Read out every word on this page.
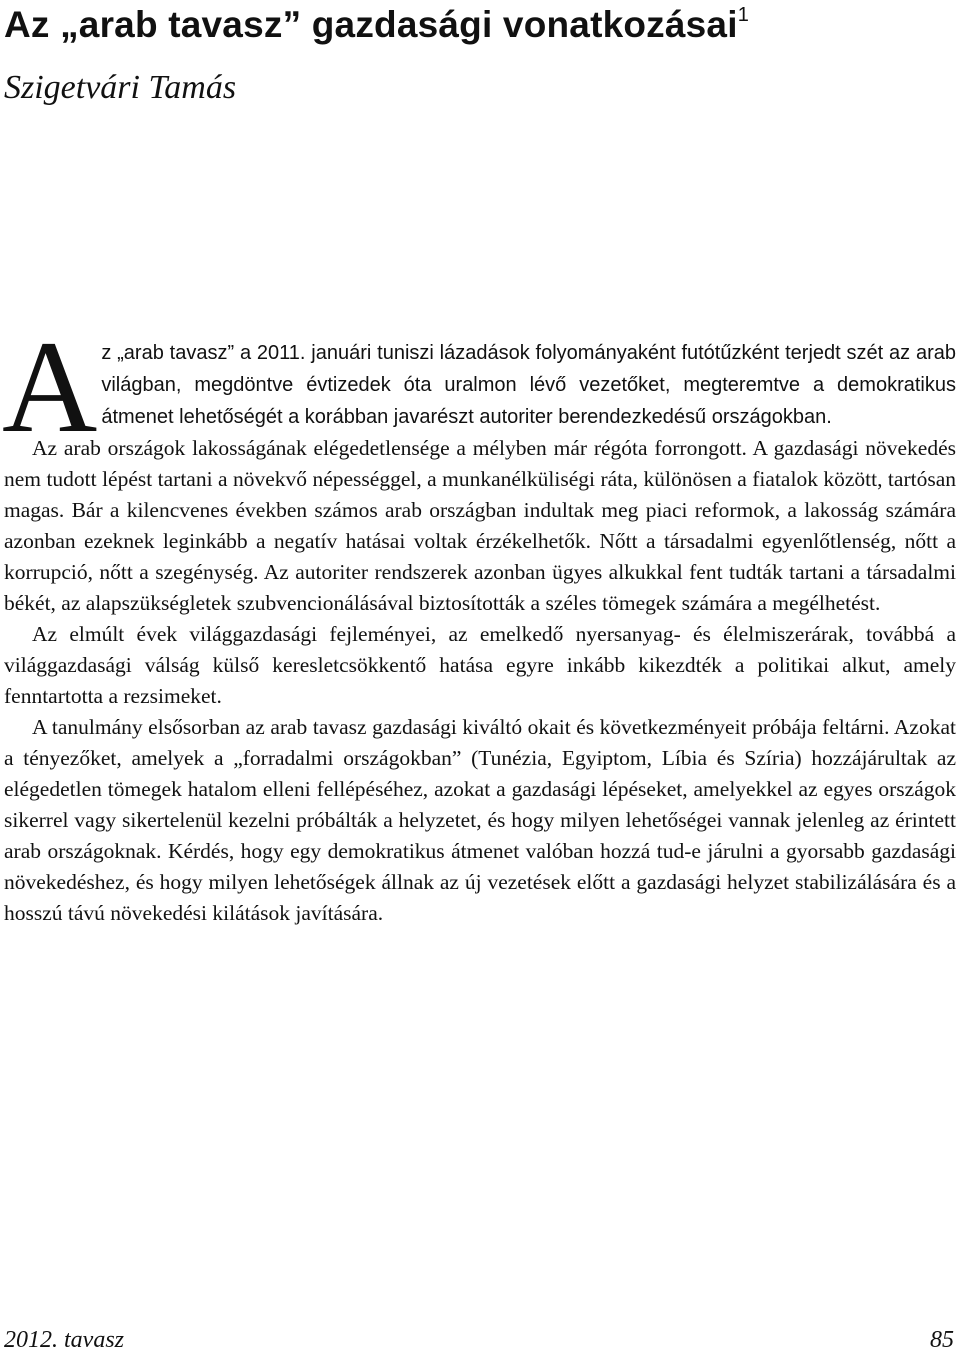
Az „arab tavasz” gazdasági vonatkozásai$^1$
Szigetvári Tamás

Az „arab tavasz” a 2011. januári tuniszi lázadások folyományaként futótűzként terjedt szét az arab világban, megdöntve évtizedek óta uralmon lévő vezetőket, megteremtve a demokratikus átmenet lehetőségét a korábban javarészt autoriter berendezkedésű országokban.

Az arab országok lakosságának elégedetlensége a mélyben már régóta forrongott. A gazdasági növekedés nem tudott lépést tartani a növekvő népességgel, a munkanélküliségi ráta, különösen a fiatalok között, tartósan magas. Bár a kilencvenes években számos arab országban indultak meg piaci reformok, a lakosság számára azonban ezeknek leginkább a negatív hatásai voltak érzékelhetők. Nőtt a társadalmi egyenlőtlenség, nőtt a korrupció, nőtt a szegénység. Az autoriter rendszerek azonban ügyes alkukkal fent tudták tartani a társadalmi békét, az alapszükségletek szubvencionálásával biztosították a széles tömegek számára a megélhetést.

Az elmúlt évek világgazdasági fejleményei, az emelkedő nyersanyag- és élelmiszerárak, továbbá a világgazdasági válság külső keresletcsökkentő hatása egyre inkább kikezdték a politikai alkut, amely fenntartotta a rezsimeket.

A tanulmány elsősorban az arab tavasz gazdasági kiváltó okait és következményeit próbája feltárni. Azokat a tényezőket, amelyek a „forradalmi országokban” (Tunézia, Egyiptom, Líbia és Szíria) hozzájárultak az elégedetlen tömegek hatalom elleni fellépéséhez, azokat a gazdasági lépéseket, amelyekkel az egyes országok sikerrel vagy sikertelenül kezelni próbálták a helyzetet, és hogy milyen lehetőségei vannak jelenleg az érintett arab országoknak. Kérdés, hogy egy demokratikus átmenet valóban hozzá tud-e járulni a gyorsabb gazdasági növekedéshez, és hogy milyen lehetőségek állnak az új vezetések előtt a gazdasági helyzet stabilizálására és a hosszú távú növekedési kilátások javítására.

2012. tavasz	85
